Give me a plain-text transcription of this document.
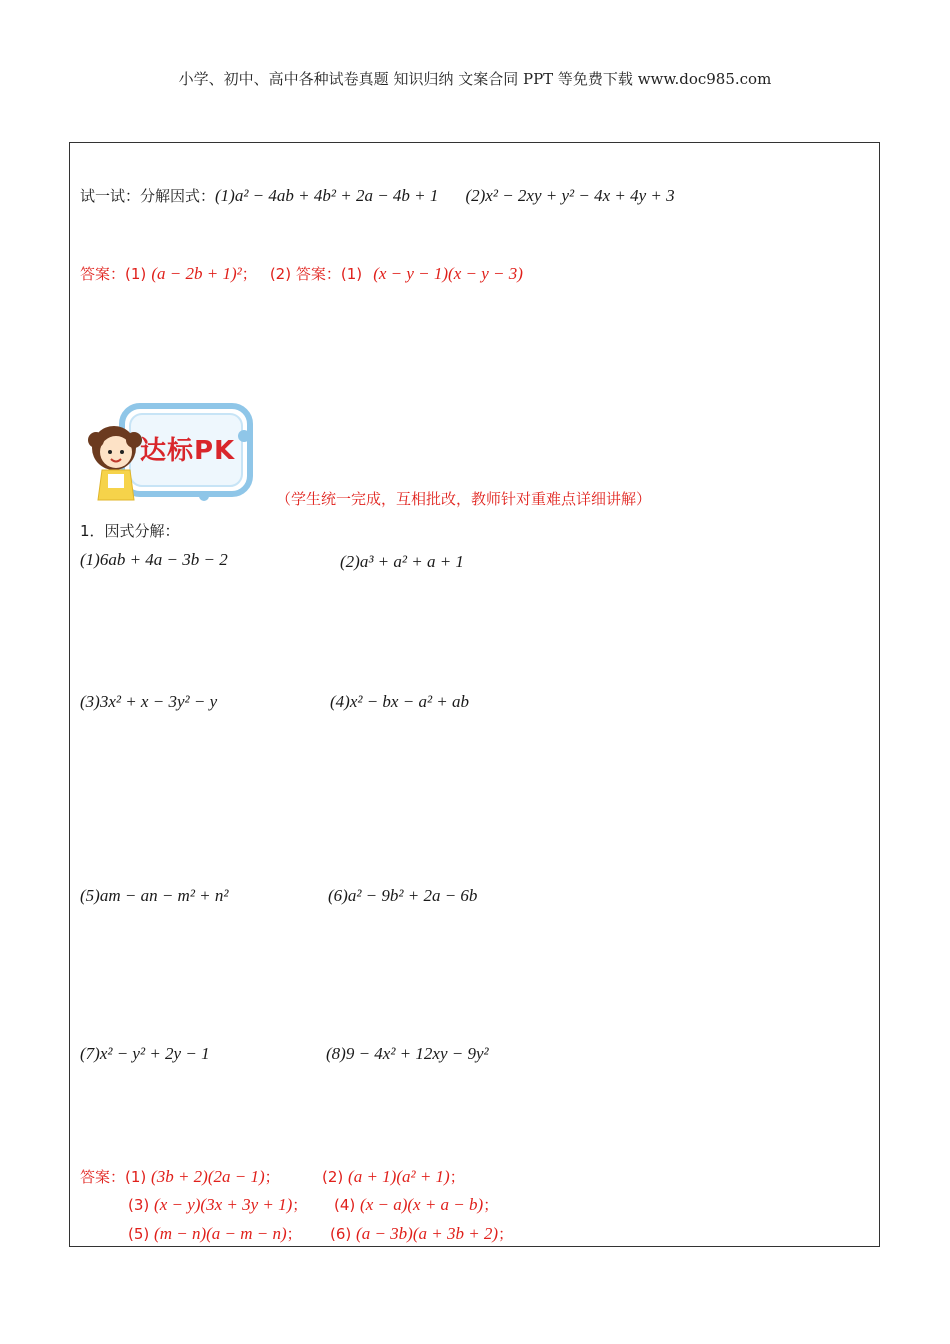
小学、初中、高中各种试卷真题 知识归纳 文案合同 PPT 等免费下载 www.doc985.com
试一试：分解因式：(1)a² − 4ab + 4b² + 2a − 4b + 1 (2)x² − 2xy + y² − 4x + 4y + 3
答案：(1) (a − 2b + 1)²； (2) 答案：(1) (x − y − 1)(x − y − 3)
达标PK
（学生统一完成，互相批改，教师针对重难点详细讲解）
1．因式分解：
(1)6ab + 4a − 3b − 2	(2)a³ + a² + a + 1
(3)3x² + x − 3y² − y	(4)x² − bx − a² + ab
(5)am − an − m² + n²	(6)a² − 9b² + 2a − 6b
(7)x² − y² + 2y − 1	(8)9 − 4x² + 12xy − 9y²
答案：(1) (3b + 2)(2a − 1)；	(2) (a + 1)(a² + 1)；
(3) (x − y)(3x + 3y + 1)； (4) (x − a)(x + a − b)；
(5) (m − n)(a − m − n)； (6) (a − 3b)(a + 3b + 2)；
